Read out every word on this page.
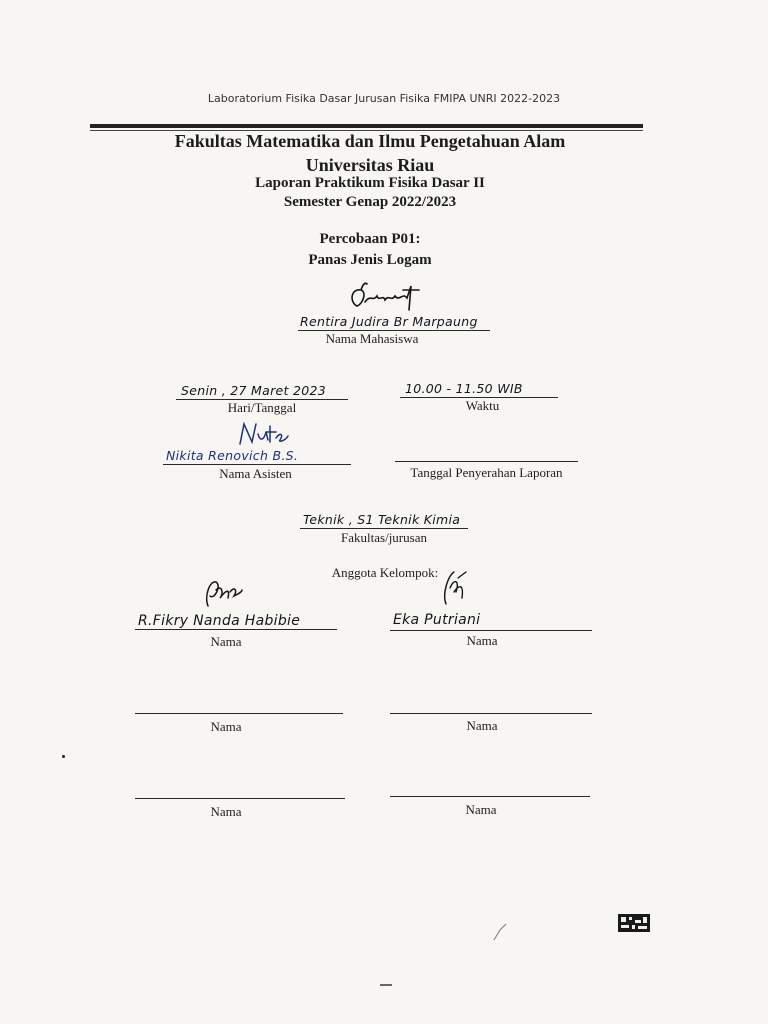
Laboratorium Fisika Dasar Jurusan Fisika FMIPA UNRI 2022-2023
Fakultas Matematika dan Ilmu Pengetahuan Alam
Universitas Riau
Laporan Praktikum Fisika Dasar II
Semester Genap 2022/2023
Percobaan P01:
Panas Jenis Logam
Rentira Judira Br Marpaung
Nama Mahasiswa
Senin , 27 Maret 2023
Hari/Tanggal
10.00 - 11.50 WIB
Waktu
Nikita Renovich B.S.
Nama Asisten	Tanggal Penyerahan Laporan
Teknik , S1 Teknik Kimia
Fakultas/jurusan
Anggota Kelompok:
R.Fikry Nanda Habibie
Nama
Eka Putriani
Nama
Nama	Nama
Nama	Nama
